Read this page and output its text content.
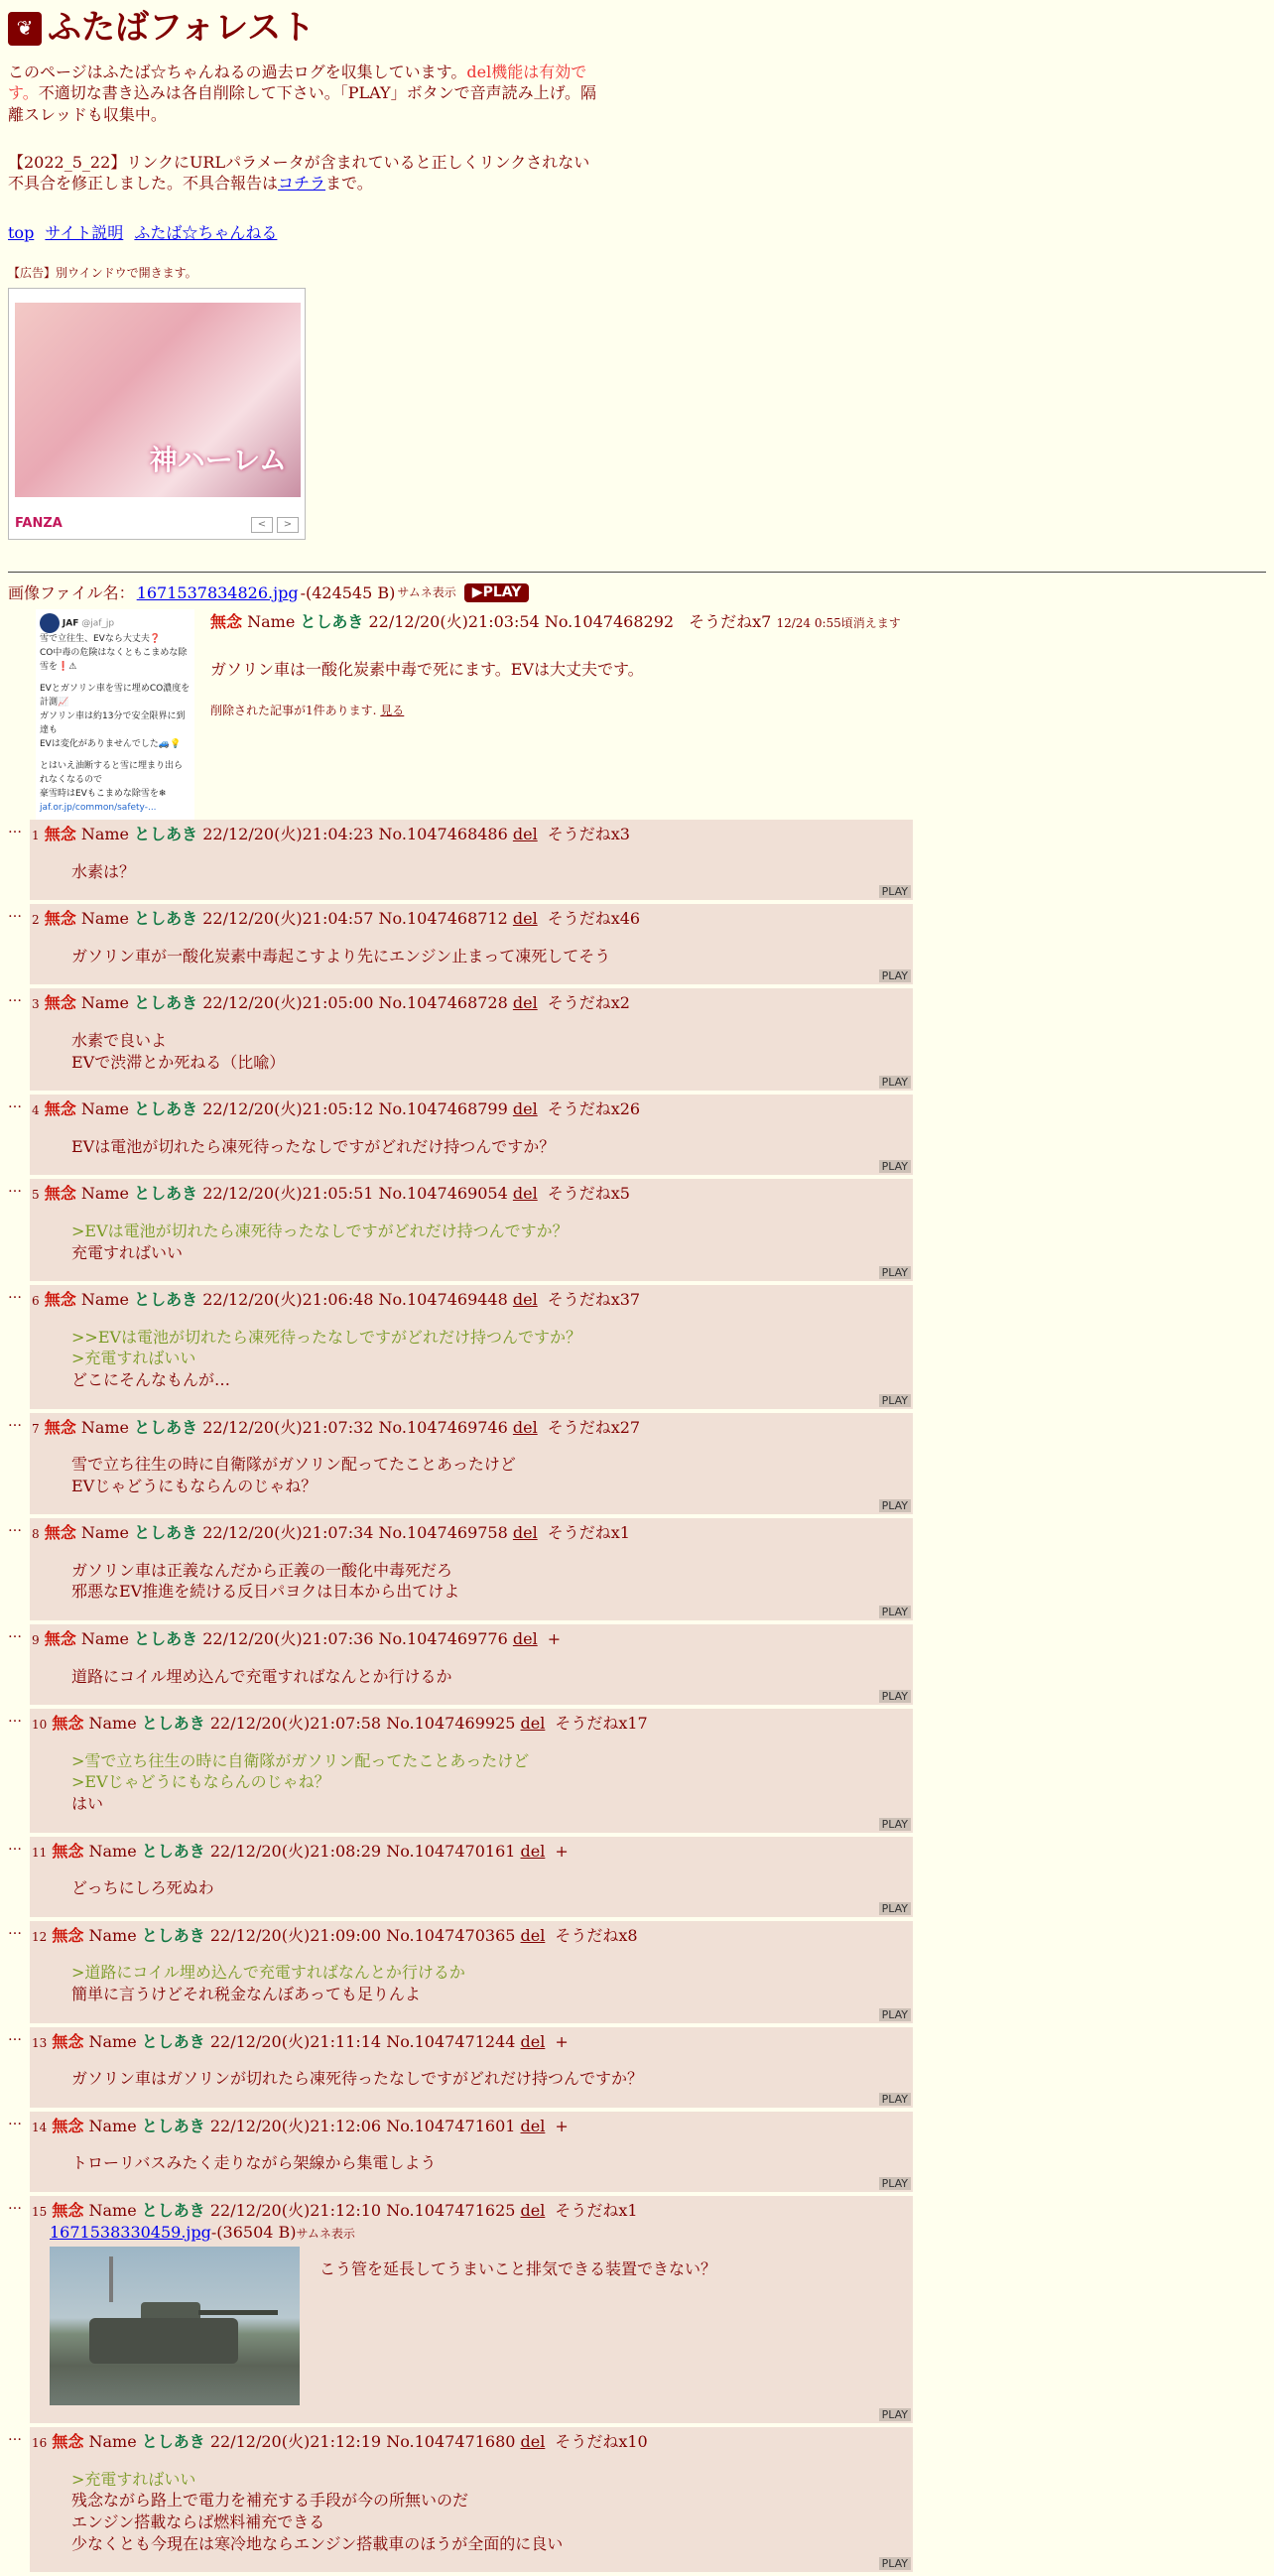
❦ ふたばフォレスト
このページはふたば☆ちゃんねるの過去ログを収集しています。del機能は有効です。不適切な書き込みは各自削除して下さい。「PLAY」ボタンで音声読み上げ。隔離スレッドも収集中。
【2022_5_22】リンクにURLパラメータが含まれていると正しくリンクされない不具合を修正しました。不具合報告はコチラまで。
top サイト説明 ふたば☆ちゃんねる
【広告】別ウインドウで開きます。
神ハーレム
FANZA	<	>
画像ファイル名： 1671537834826.jpg -(424545 B) サムネ表示	▶PLAY
JAF @jaf_jp
雪で立往生、EVなら大丈夫❓
CO中毒の危険はなくともこまめな除雪を❗⚠
EVとガソリン車を雪に埋めCO濃度を計測📈
ガソリン車は約13分で安全限界に到達も
EVは変化がありませんでした🚙💡
とはいえ油断すると雪に埋まり出られなくなるので
豪雪時はEVもこまめな除雪を❄
jaf.or.jp/common/safety-...
無念 Name としあき 22/12/20(火)21:03:54 No.1047468292 そうだねx7 12/24 0:55頃消えます
ガソリン車は一酸化炭素中毒で死にます。EVは大丈夫です。
削除された記事が1件あります. 見る
… 1 無念 Name としあき 22/12/20(火)21:04:23 No.1047468486 del そうだねx3
水素は？
PLAY
… 2 無念 Name としあき 22/12/20(火)21:04:57 No.1047468712 del そうだねx46
ガソリン車が一酸化炭素中毒起こすより先にエンジン止まって凍死してそう
PLAY
… 3 無念 Name としあき 22/12/20(火)21:05:00 No.1047468728 del そうだねx2
水素で良いよ
EVで渋滞とか死ねる（比喩）
PLAY
… 4 無念 Name としあき 22/12/20(火)21:05:12 No.1047468799 del そうだねx26
EVは電池が切れたら凍死待ったなしですがどれだけ持つんですか？
PLAY
… 5 無念 Name としあき 22/12/20(火)21:05:51 No.1047469054 del そうだねx5
>EVは電池が切れたら凍死待ったなしですがどれだけ持つんですか？
充電すればいい
PLAY
… 6 無念 Name としあき 22/12/20(火)21:06:48 No.1047469448 del そうだねx37
>>EVは電池が切れたら凍死待ったなしですがどれだけ持つんですか？
>充電すればいい
どこにそんなもんが…
PLAY
… 7 無念 Name としあき 22/12/20(火)21:07:32 No.1047469746 del そうだねx27
雪で立ち往生の時に自衛隊がガソリン配ってたことあったけど
EVじゃどうにもならんのじゃね？
PLAY
… 8 無念 Name としあき 22/12/20(火)21:07:34 No.1047469758 del そうだねx1
ガソリン車は正義なんだから正義の一酸化中毒死だろ
邪悪なEV推進を続ける反日パヨクは日本から出てけよ
PLAY
… 9 無念 Name としあき 22/12/20(火)21:07:36 No.1047469776 del +
道路にコイル埋め込んで充電すればなんとか行けるか
PLAY
… 10 無念 Name としあき 22/12/20(火)21:07:58 No.1047469925 del そうだねx17
>雪で立ち往生の時に自衛隊がガソリン配ってたことあったけど
>EVじゃどうにもならんのじゃね？
はい
PLAY
… 11 無念 Name としあき 22/12/20(火)21:08:29 No.1047470161 del +
どっちにしろ死ぬわ
PLAY
… 12 無念 Name としあき 22/12/20(火)21:09:00 No.1047470365 del そうだねx8
>道路にコイル埋め込んで充電すればなんとか行けるか
簡単に言うけどそれ税金なんぼあっても足りんよ
PLAY
… 13 無念 Name としあき 22/12/20(火)21:11:14 No.1047471244 del +
ガソリン車はガソリンが切れたら凍死待ったなしですがどれだけ持つんですか？
PLAY
… 14 無念 Name としあき 22/12/20(火)21:12:06 No.1047471601 del +
トローリバスみたく走りながら架線から集電しよう
PLAY
… 15 無念 Name としあき 22/12/20(火)21:12:10 No.1047471625 del そうだねx1
1671538330459.jpg-(36504 B)サムネ表示
こう管を延長してうまいこと排気できる装置できない？
PLAY
… 16 無念 Name としあき 22/12/20(火)21:12:19 No.1047471680 del そうだねx10
>充電すればいい
残念ながら路上で電力を補充する手段が今の所無いのだ
エンジン搭載ならば燃料補充できる
少なくとも今現在は寒冷地ならエンジン搭載車のほうが全面的に良い
PLAY
